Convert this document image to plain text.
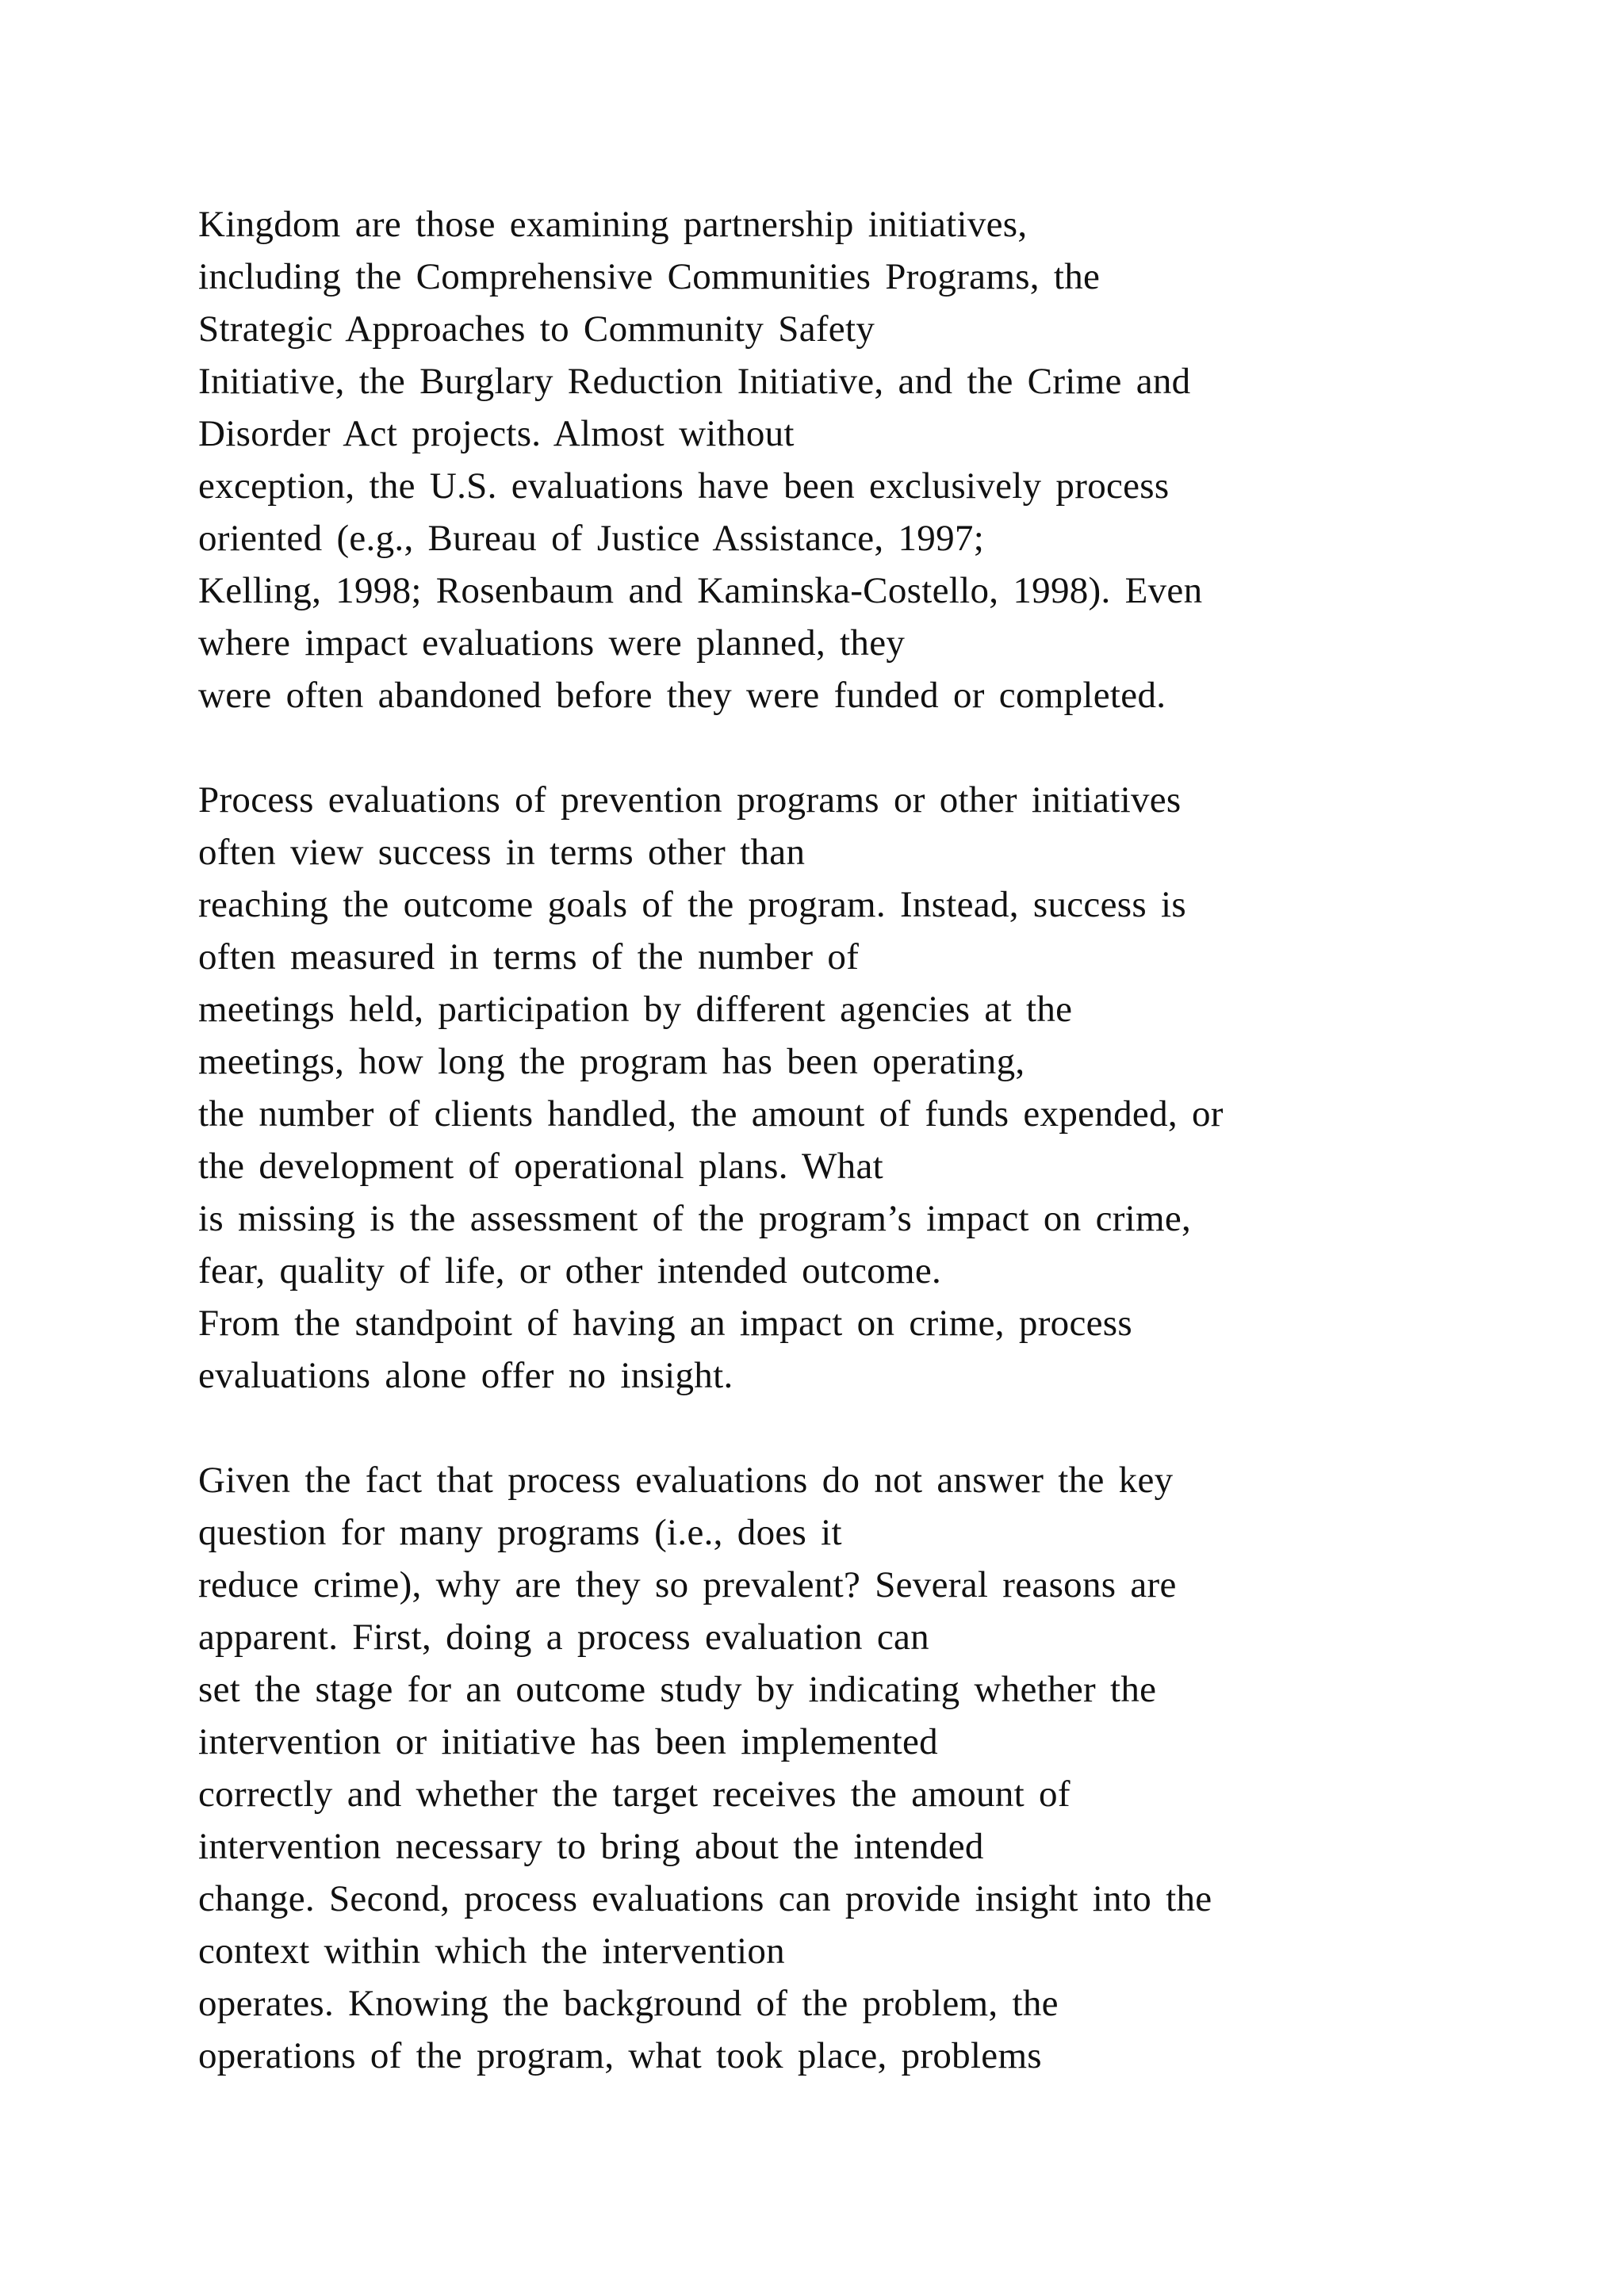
Kingdom are those examining partnership initiatives,
including the Comprehensive Communities Programs, the
Strategic Approaches to Community Safety
Initiative, the Burglary Reduction Initiative, and the Crime and
Disorder Act projects. Almost without
exception, the U.S. evaluations have been exclusively process
oriented (e.g., Bureau of Justice Assistance, 1997;
Kelling, 1998; Rosenbaum and Kaminska-Costello, 1998). Even
where impact evaluations were planned, they
were often abandoned before they were funded or completed.
Process evaluations of prevention programs or other initiatives
often view success in terms other than
reaching the outcome goals of the program. Instead, success is
often measured in terms of the number of
meetings held, participation by different agencies at the
meetings, how long the program has been operating,
the number of clients handled, the amount of funds expended, or
the development of operational plans. What
is missing is the assessment of the program’s impact on crime,
fear, quality of life, or other intended outcome.
From the standpoint of having an impact on crime, process
evaluations alone offer no insight.
Given the fact that process evaluations do not answer the key
question for many programs (i.e., does it
reduce crime), why are they so prevalent? Several reasons are
apparent. First, doing a process evaluation can
set the stage for an outcome study by indicating whether the
intervention or initiative has been implemented
correctly and whether the target receives the amount of
intervention necessary to bring about the intended
change. Second, process evaluations can provide insight into the
context within which the intervention
operates. Knowing the background of the problem, the
operations of the program, what took place, problems
